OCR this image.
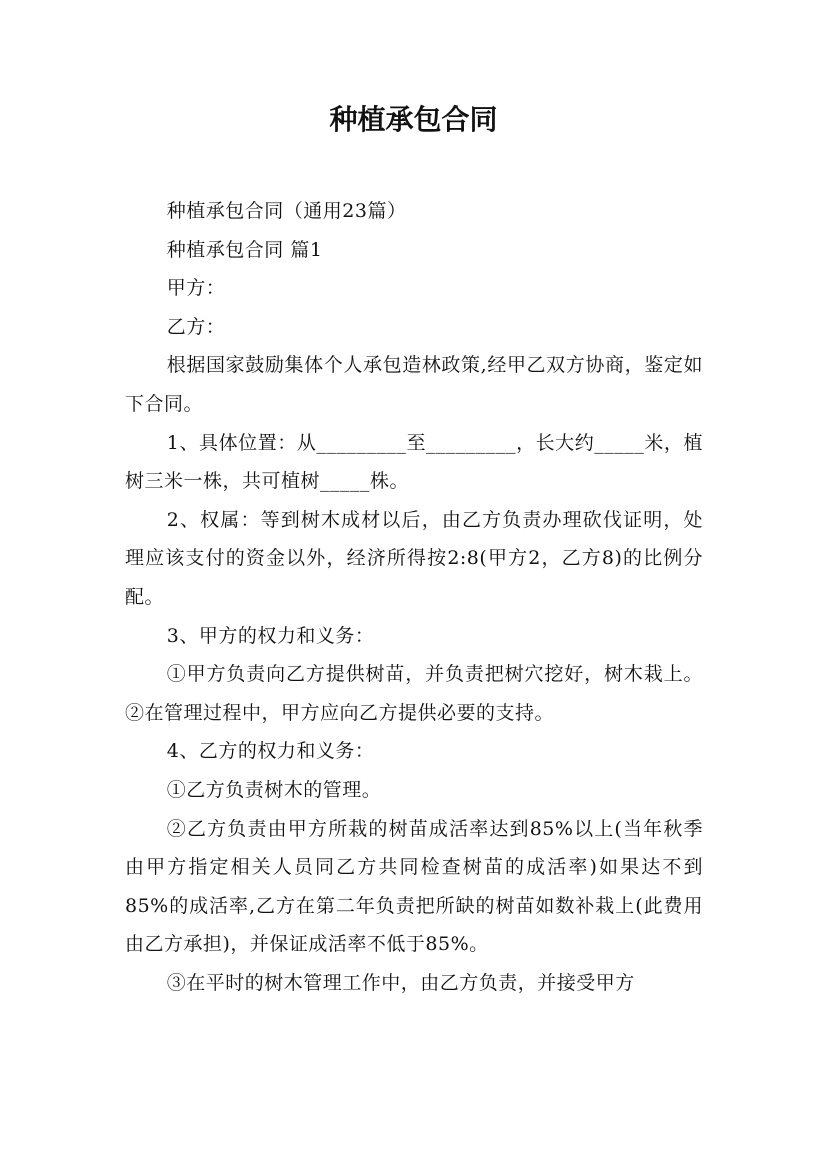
种植承包合同

种植承包合同（通用23篇）

种植承包合同 篇1

甲方：

乙方：

根据国家鼓励集体个人承包造林政策,经甲乙双方协商，鉴定如下合同。

1、具体位置：从_________至_________，长大约_____米，植树三米一株，共可植树_____株。

2、权属：等到树木成材以后，由乙方负责办理砍伐证明，处理应该支付的资金以外，经济所得按2:8(甲方2，乙方8)的比例分配。

3、甲方的权力和义务：

①甲方负责向乙方提供树苗，并负责把树穴挖好，树木栽上。 ②在管理过程中，甲方应向乙方提供必要的支持。

4、乙方的权力和义务：

①乙方负责树木的管理。

②乙方负责由甲方所栽的树苗成活率达到85%以上(当年秋季由甲方指定相关人员同乙方共同检查树苗的成活率)如果达不到85%的成活率,乙方在第二年负责把所缺的树苗如数补栽上(此费用由乙方承担)，并保证成活率不低于85%。

③在平时的树木管理工作中，由乙方负责，并接受甲方
